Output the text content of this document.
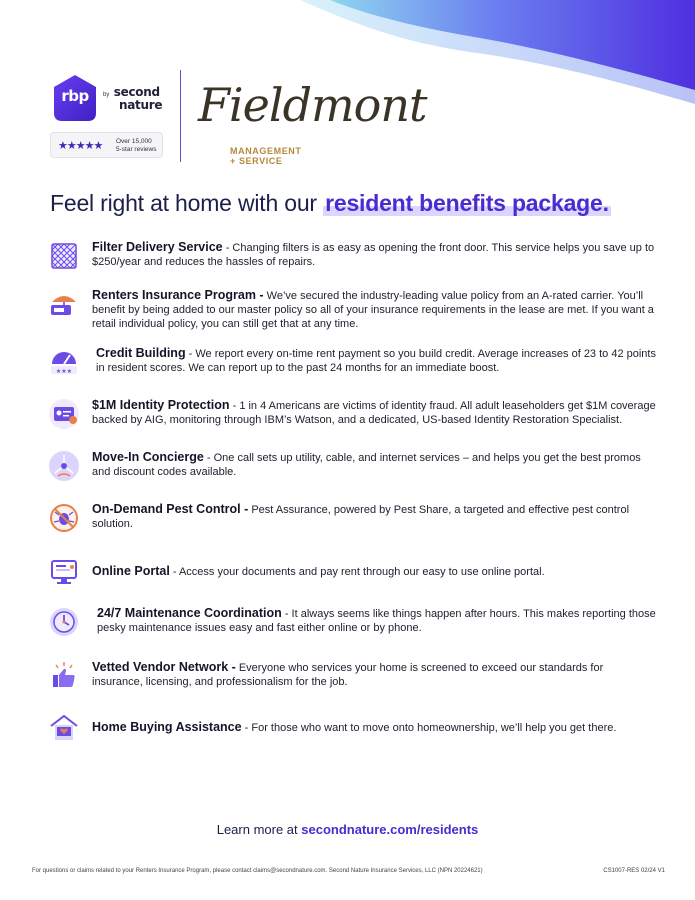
rbp	by second
nature
★★★★★ Over 15,000
5-star reviews
Fieldmont
MANAGEMENT + SERVICE
Feel right at home with our resident benefits package.
Filter Delivery Service - Changing filters is as easy as opening the front door. This service helps you save up to $250/year and reduces the hassles of repairs.
Renters Insurance Program - We’ve secured the industry-leading value policy from an A-rated carrier. You’ll benefit by being added to our master policy so all of your insurance requirements in the lease are met. If you want a retail individual policy, you can still get that at any time.
★★★
Credit Building - We report every on-time rent payment so you build credit. Average increases of 23 to 42 points in resident scores. We can report up to the past 24 months for an immediate boost.
$1M Identity Protection - 1 in 4 Americans are victims of identity fraud. All adult leaseholders get $1M coverage backed by AIG, monitoring through IBM’s Watson, and a dedicated, US-based Identity Restoration Specialist.
Move-In Concierge - One call sets up utility, cable, and internet services – and helps you get the best promos and discount codes available.
On-Demand Pest Control - Pest Assurance, powered by Pest Share, a targeted and effective pest control solution.
Online Portal - Access your documents and pay rent through our easy to use online portal.
24/7 Maintenance Coordination - It always seems like things happen after hours. This makes reporting those pesky maintenance issues easy and fast either online or by phone.
Vetted Vendor Network - Everyone who services your home is screened to exceed our standards for insurance, licensing, and professionalism for the job.
Home Buying Assistance - For those who want to move onto homeownership, we’ll help you get there.
Learn more at secondnature.com/residents
For questions or claims related to your Renters Insurance Program, please contact claims@secondnature.com. Second Nature Insurance Services, LLC (NPN 20224621)	CS1007-RES 02/24 V1
